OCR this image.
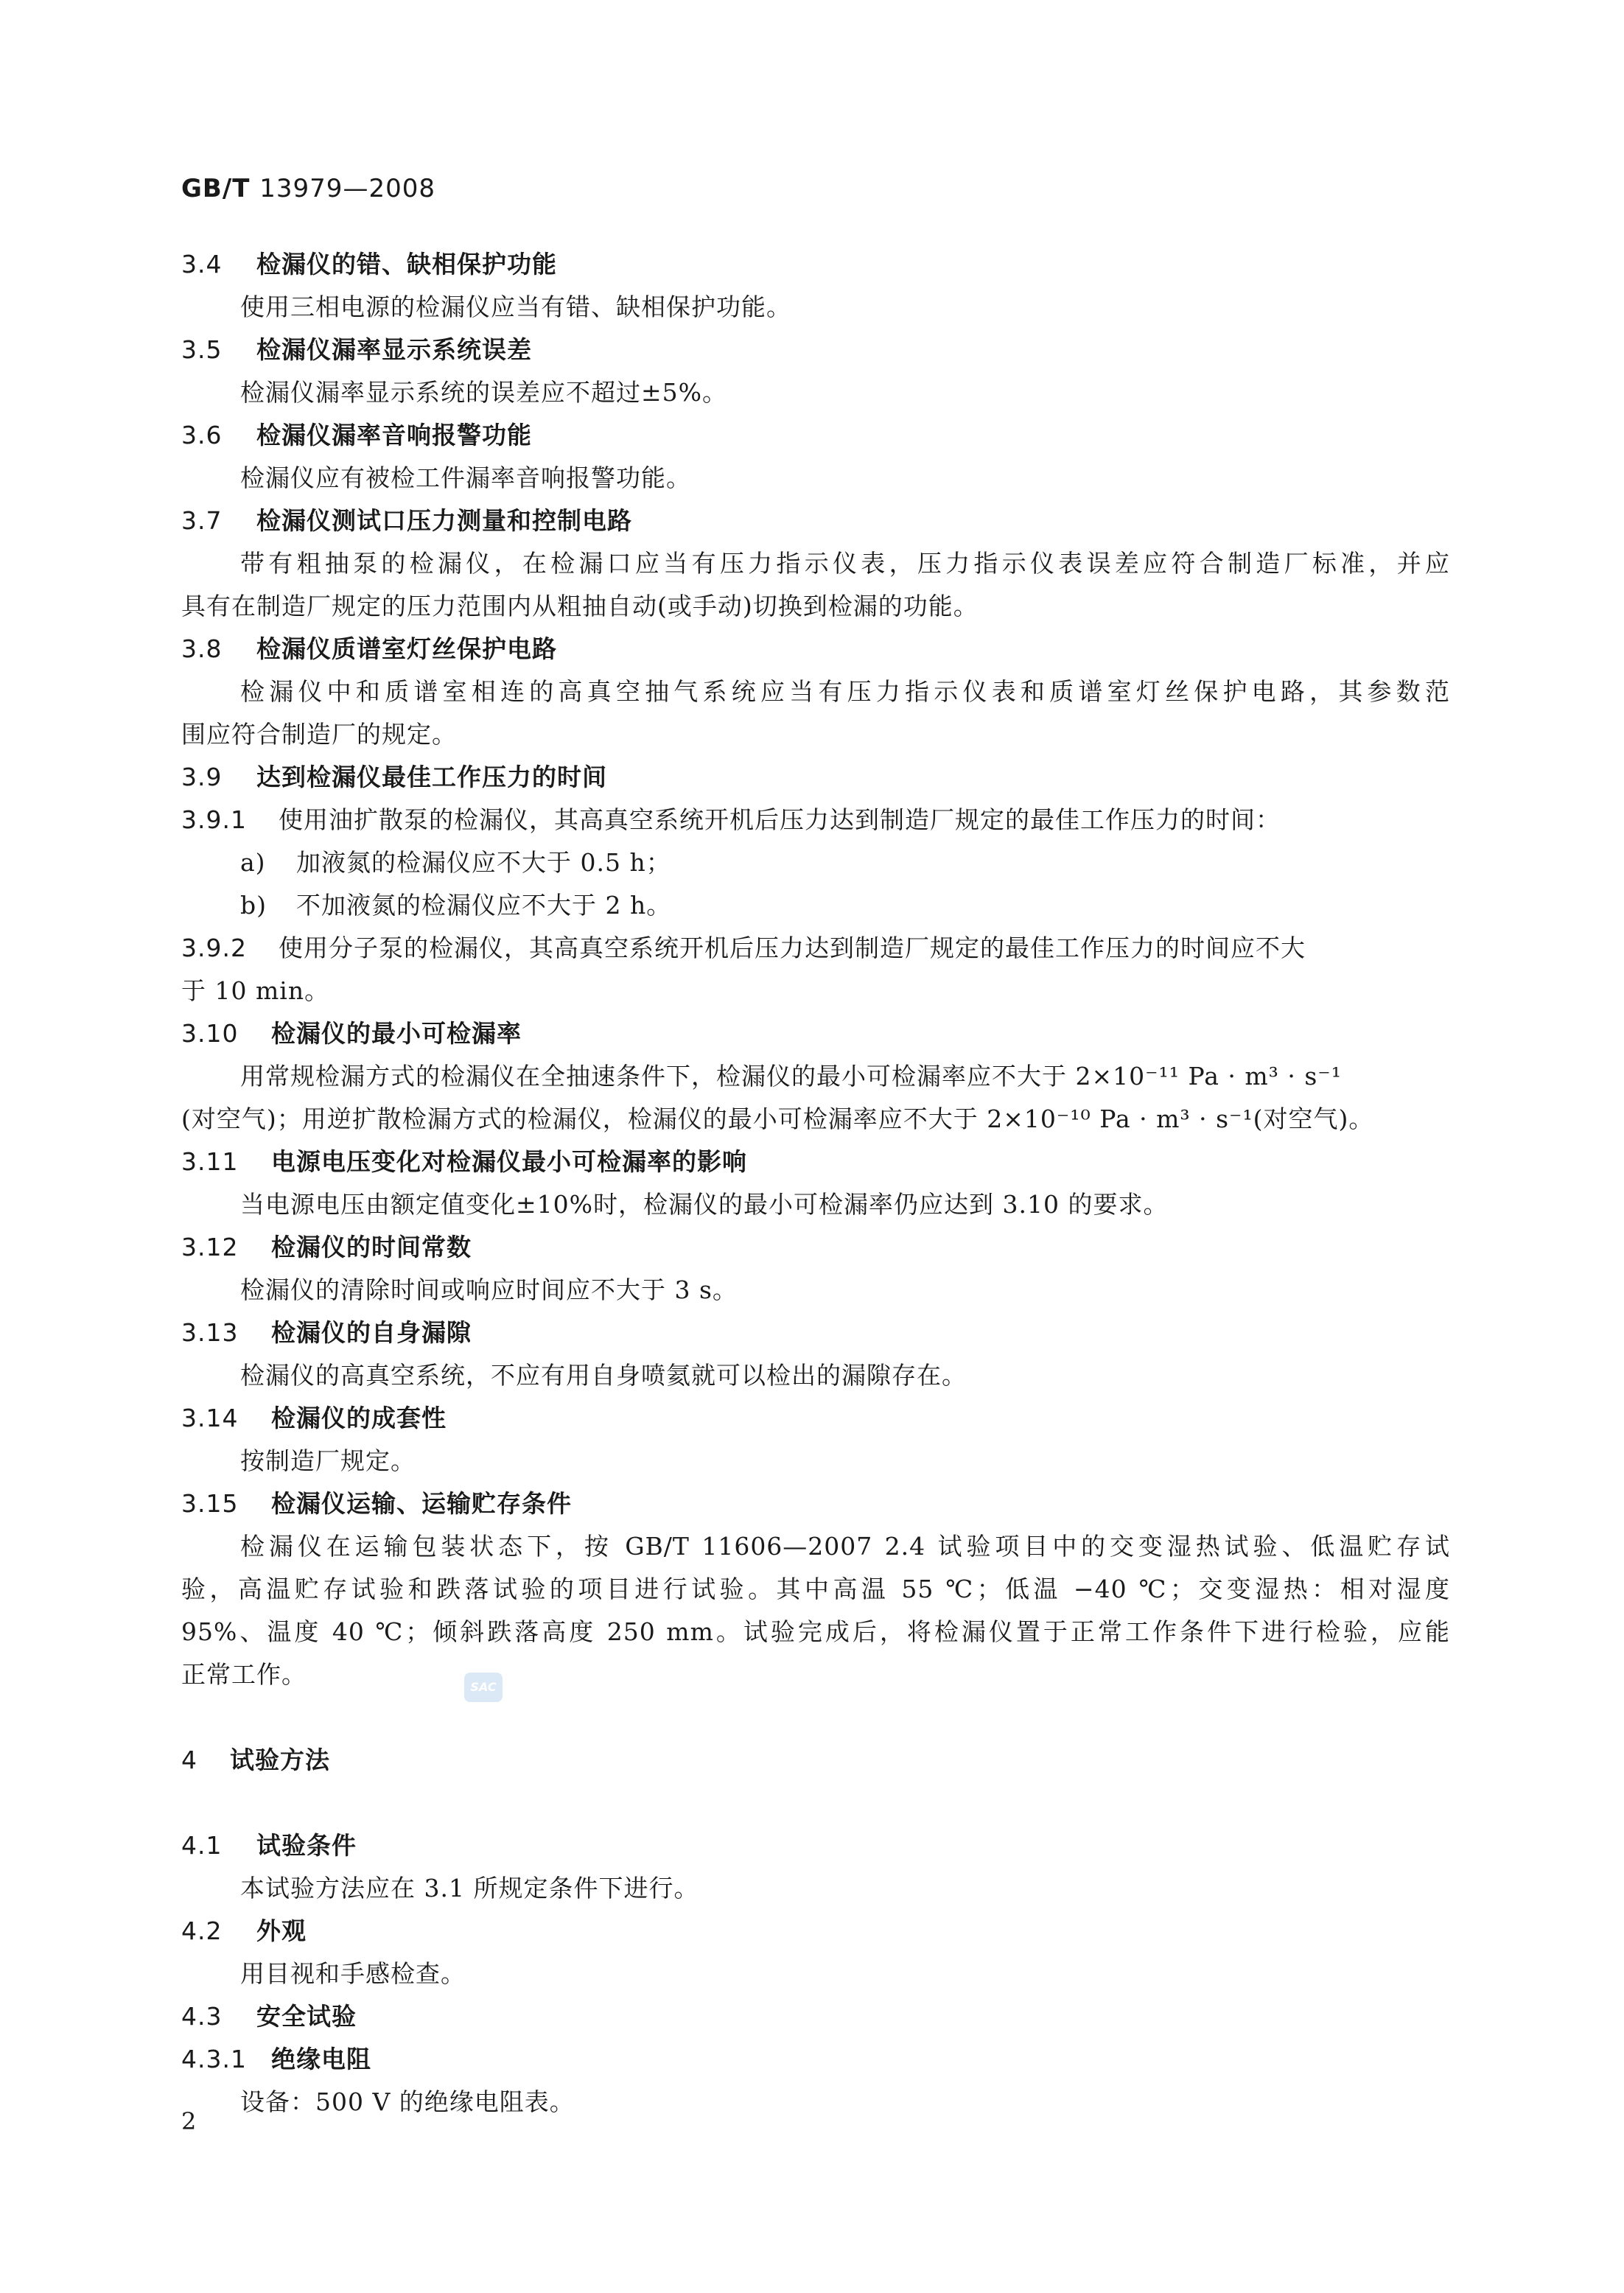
GB/T 13979—2008
3.4 检漏仪的错、缺相保护功能
使用三相电源的检漏仪应当有错、缺相保护功能。
3.5 检漏仪漏率显示系统误差
检漏仪漏率显示系统的误差应不超过±5%。
3.6 检漏仪漏率音响报警功能
检漏仪应有被检工件漏率音响报警功能。
3.7 检漏仪测试口压力测量和控制电路
带有粗抽泵的检漏仪，在检漏口应当有压力指示仪表，压力指示仪表误差应符合制造厂标准，并应
具有在制造厂规定的压力范围内从粗抽自动(或手动)切换到检漏的功能。
3.8 检漏仪质谱室灯丝保护电路
检漏仪中和质谱室相连的高真空抽气系统应当有压力指示仪表和质谱室灯丝保护电路，其参数范
围应符合制造厂的规定。
3.9 达到检漏仪最佳工作压力的时间
3.9.1 使用油扩散泵的检漏仪，其高真空系统开机后压力达到制造厂规定的最佳工作压力的时间：
a) 加液氮的检漏仪应不大于 0.5 h；
b) 不加液氮的检漏仪应不大于 2 h。
3.9.2 使用分子泵的检漏仪，其高真空系统开机后压力达到制造厂规定的最佳工作压力的时间应不大
于 10 min。
3.10 检漏仪的最小可检漏率
用常规检漏方式的检漏仪在全抽速条件下，检漏仪的最小可检漏率应不大于 2×10⁻¹¹ Pa · m³ · s⁻¹
(对空气)；用逆扩散检漏方式的检漏仪，检漏仪的最小可检漏率应不大于 2×10⁻¹⁰ Pa · m³ · s⁻¹(对空气)。
3.11 电源电压变化对检漏仪最小可检漏率的影响
当电源电压由额定值变化±10%时，检漏仪的最小可检漏率仍应达到 3.10 的要求。
3.12 检漏仪的时间常数
检漏仪的清除时间或响应时间应不大于 3 s。
3.13 检漏仪的自身漏隙
检漏仪的高真空系统，不应有用自身喷氦就可以检出的漏隙存在。
3.14 检漏仪的成套性
按制造厂规定。
3.15 检漏仪运输、运输贮存条件
检漏仪在运输包装状态下，按 GB/T 11606—2007 2.4 试验项目中的交变湿热试验、低温贮存试
验，高温贮存试验和跌落试验的项目进行试验。其中高温 55 ℃；低温 −40 ℃；交变湿热：相对湿度
95%、温度 40 ℃；倾斜跌落高度 250 mm。试验完成后，将检漏仪置于正常工作条件下进行检验，应能
正常工作。
4 试验方法
4.1 试验条件
本试验方法应在 3.1 所规定条件下进行。
4.2 外观
用目视和手感检查。
4.3 安全试验
4.3.1 绝缘电阻
设备：500 V 的绝缘电阻表。
SAC
2
